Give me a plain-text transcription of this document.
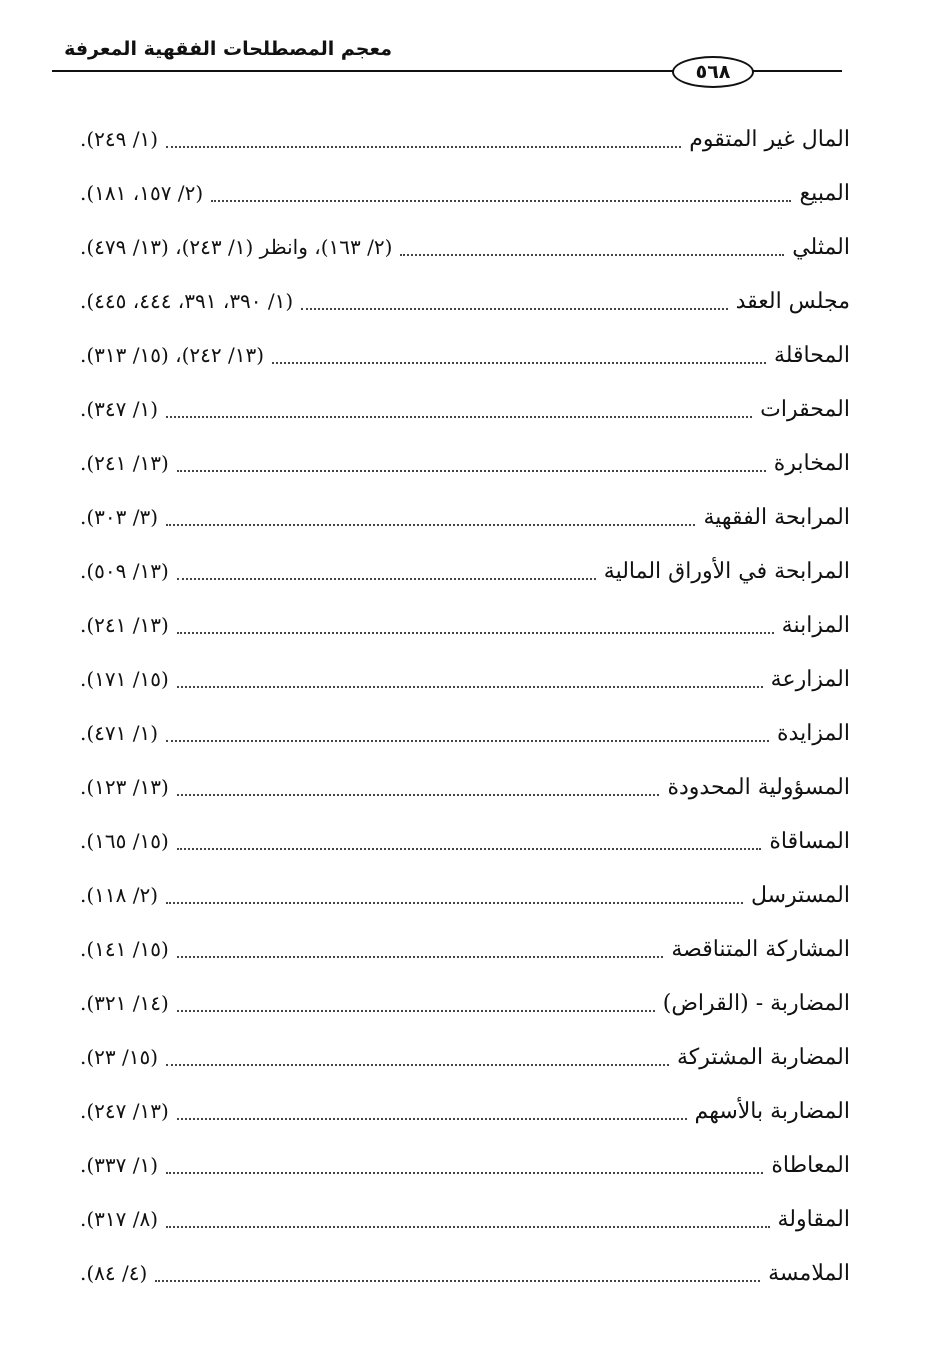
معجم المصطلحات الفقهية المعرفة
٥٦٨
المال غير المتقوم
(١/ ٢٤٩).
المبيع
(٢/ ١٥٧، ١٨١).
المثلي
(٢/ ١٦٣)، وانظر (١/ ٢٤٣)، (١٣/ ٤٧٩).
مجلس العقد
(١/ ٣٩٠، ٣٩١، ٤٤٤، ٤٤٥).
المحاقلة
(١٣/ ٢٤٢)، (١٥/ ٣١٣).
المحقرات
(١/ ٣٤٧).
المخابرة
(١٣/ ٢٤١).
المرابحة الفقهية
(٣/ ٣٠٣).
المرابحة في الأوراق المالية
(١٣/ ٥٠٩).
المزابنة
(١٣/ ٢٤١).
المزارعة
(١٥/ ١٧١).
المزايدة
(١/ ٤٧١).
المسؤولية المحدودة
(١٣/ ١٢٣).
المساقاة
(١٥/ ١٦٥).
المسترسل
(٢/ ١١٨).
المشاركة المتناقصة
(١٥/ ١٤١).
المضاربة - (القراض)
(١٤/ ٣٢١).
المضاربة المشتركة
(١٥/ ٢٣).
المضاربة بالأسهم
(١٣/ ٢٤٧).
المعاطاة
(١/ ٣٣٧).
المقاولة
(٨/ ٣١٧).
الملامسة
(٤/ ٨٤).
